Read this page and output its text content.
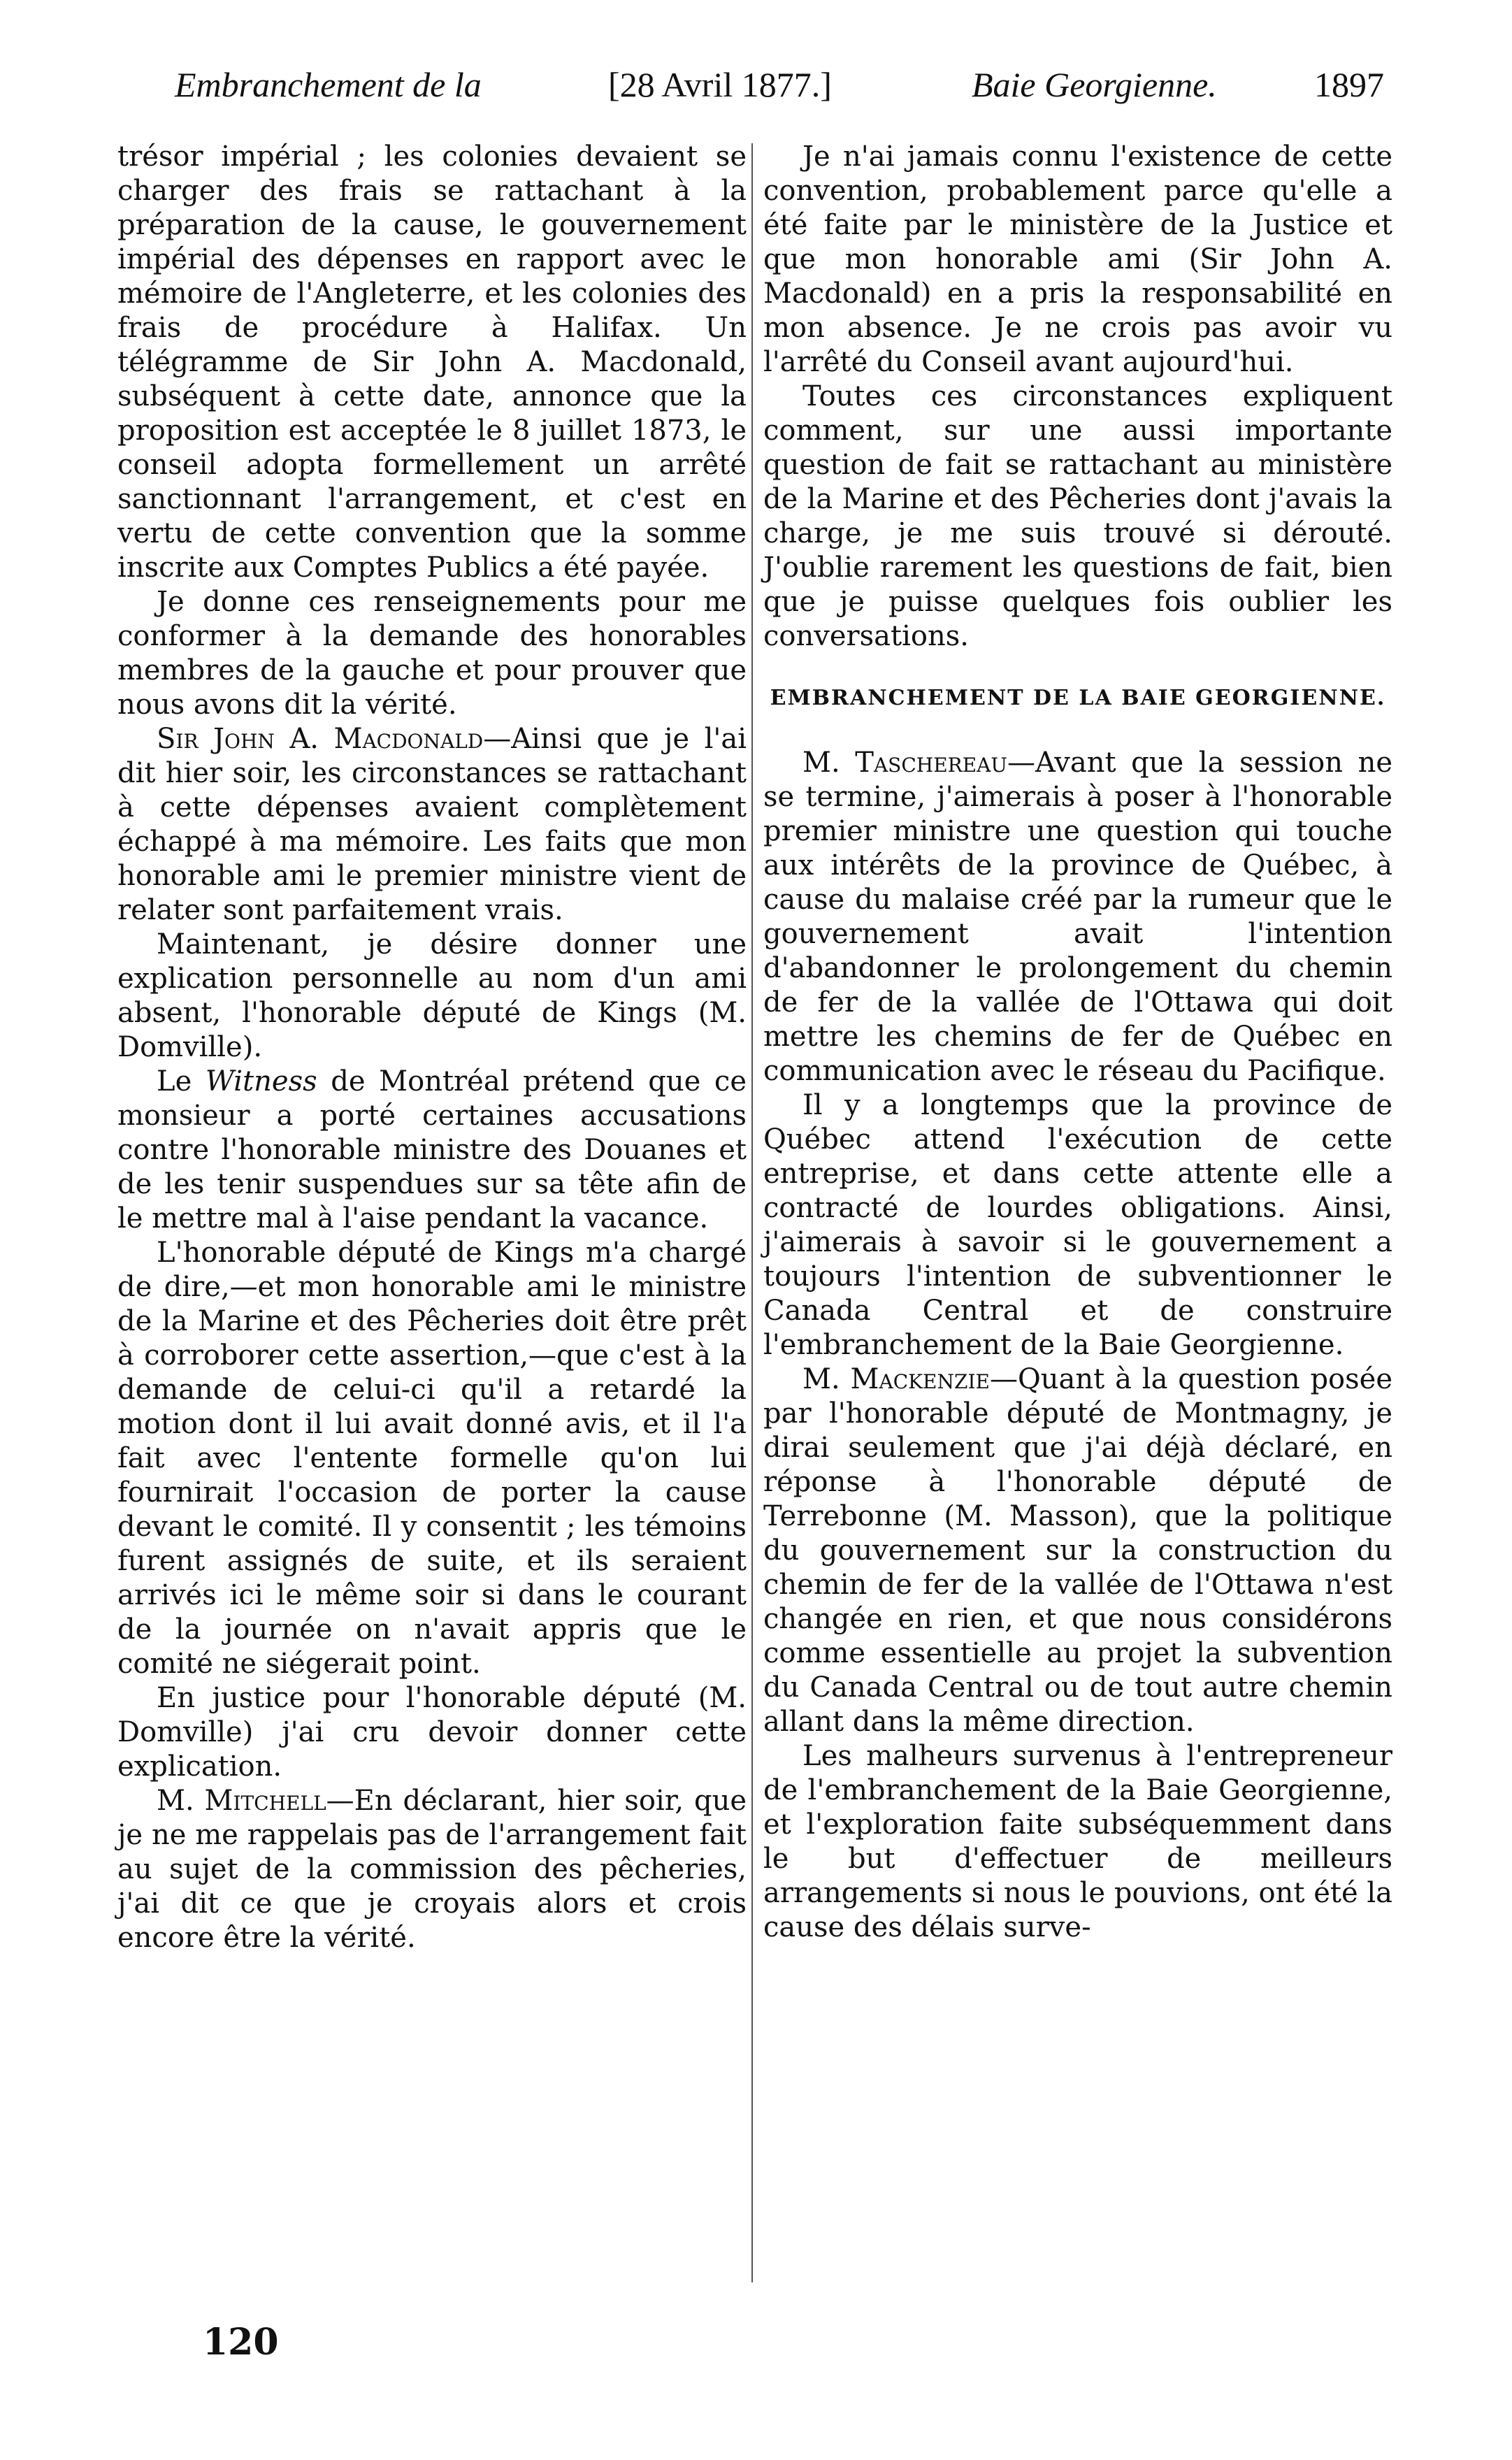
Embranchement de la	[28 Avril 1877.]	Baie Georgienne.	1897

trésor impérial ; les colonies devaient se charger des frais se rattachant à la préparation de la cause, le gouvernement impérial des dépenses en rapport avec le mémoire de l'Angleterre, et les colonies des frais de procédure à Halifax. Un télégramme de Sir John A. Macdonald, subséquent à cette date, annonce que la proposition est acceptée le 8 juillet 1873, le conseil adopta formellement un arrêté sanctionnant l'arrangement, et c'est en vertu de cette convention que la somme inscrite aux Comptes Publics a été payée.

Je donne ces renseignements pour me conformer à la demande des honorables membres de la gauche et pour prouver que nous avons dit la vérité.

Sir John A. Macdonald—Ainsi que je l'ai dit hier soir, les circonstances se rattachant à cette dépenses avaient complètement échappé à ma mémoire. Les faits que mon honorable ami le premier ministre vient de relater sont parfaitement vrais.

Maintenant, je désire donner une explication personnelle au nom d'un ami absent, l'honorable député de Kings (M. Domville).

Le Witness de Montréal prétend que ce monsieur a porté certaines accusations contre l'honorable ministre des Douanes et de les tenir suspendues sur sa tête afin de le mettre mal à l'aise pendant la vacance.

L'honorable député de Kings m'a chargé de dire,—et mon honorable ami le ministre de la Marine et des Pêcheries doit être prêt à corroborer cette assertion,—que c'est à la demande de celui-ci qu'il a retardé la motion dont il lui avait donné avis, et il l'a fait avec l'entente formelle qu'on lui fournirait l'occasion de porter la cause devant le comité. Il y consentit ; les témoins furent assignés de suite, et ils seraient arrivés ici le même soir si dans le courant de la journée on n'avait appris que le comité ne siégerait point.

En justice pour l'honorable député (M. Domville) j'ai cru devoir donner cette explication.

M. Mitchell—En déclarant, hier soir, que je ne me rappelais pas de l'arrangement fait au sujet de la commission des pêcheries, j'ai dit ce que je croyais alors et crois encore être la vérité.

Je n'ai jamais connu l'existence de cette convention, probablement parce qu'elle a été faite par le ministère de la Justice et que mon honorable ami (Sir John A. Macdonald) en a pris la responsabilité en mon absence. Je ne crois pas avoir vu l'arrêté du Conseil avant aujourd'hui.

Toutes ces circonstances expliquent comment, sur une aussi importante question de fait se rattachant au ministère de la Marine et des Pêcheries dont j'avais la charge, je me suis trouvé si dérouté. J'oublie rarement les questions de fait, bien que je puisse quelques fois oublier les conversations.

EMBRANCHEMENT DE LA BAIE GEORGIENNE.

M. Taschereau—Avant que la session ne se termine, j'aimerais à poser à l'honorable premier ministre une question qui touche aux intérêts de la province de Québec, à cause du malaise créé par la rumeur que le gouvernement avait l'intention d'abandonner le prolongement du chemin de fer de la vallée de l'Ottawa qui doit mettre les chemins de fer de Québec en communication avec le réseau du Pacifique.

Il y a longtemps que la province de Québec attend l'exécution de cette entreprise, et dans cette attente elle a contracté de lourdes obligations. Ainsi, j'aimerais à savoir si le gouvernement a toujours l'intention de subventionner le Canada Central et de construire l'embranchement de la Baie Georgienne.

M. Mackenzie—Quant à la question posée par l'honorable député de Montmagny, je dirai seulement que j'ai déjà déclaré, en réponse à l'honorable député de Terrebonne (M. Masson), que la politique du gouvernement sur la construction du chemin de fer de la vallée de l'Ottawa n'est changée en rien, et que nous considérons comme essentielle au projet la subvention du Canada Central ou de tout autre chemin allant dans la même direction.

Les malheurs survenus à l'entrepreneur de l'embranchement de la Baie Georgienne, et l'exploration faite subséquemment dans le but d'effectuer de meilleurs arrangements si nous le pouvions, ont été la cause des délais surve-

120
